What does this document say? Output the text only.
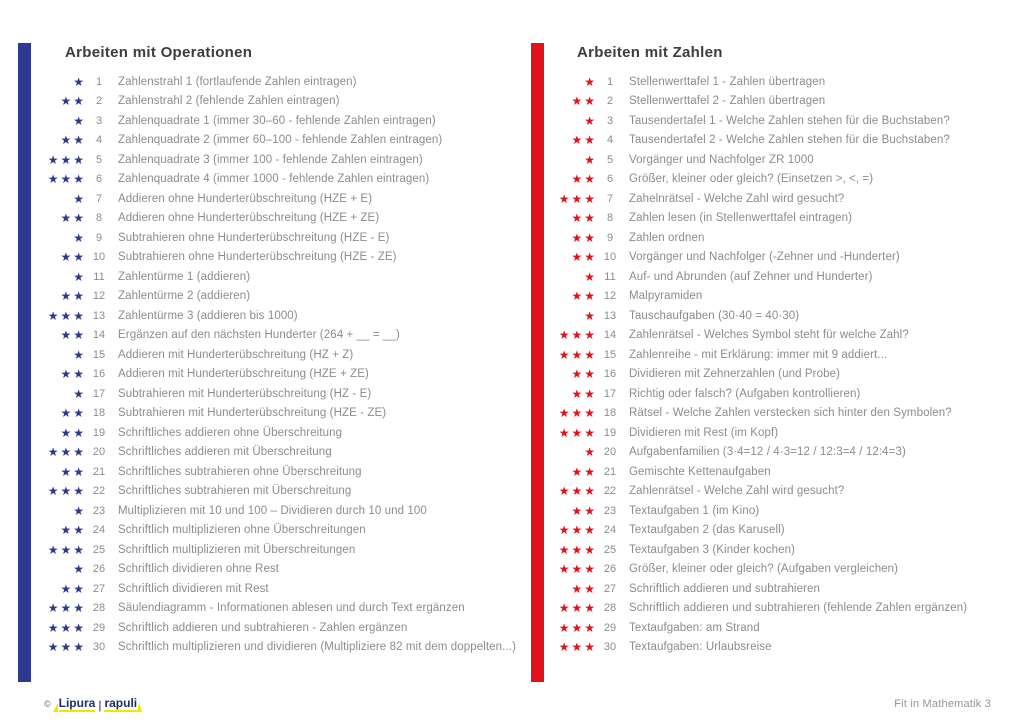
Arbeiten mit Operationen
★ 1	Zahlenstrahl 1 (fortlaufende Zahlen eintragen)
★★ 2	Zahlenstrahl 2 (fehlende Zahlen eintragen)
★ 3	Zahlenquadrate 1 (immer 30–60 - fehlende Zahlen eintragen)
★★ 4	Zahlenquadrate 2 (immer 60–100 - fehlende Zahlen eintragen)
★★★ 5	Zahlenquadrate 3 (immer 100 - fehlende Zahlen eintragen)
★★★ 6	Zahlenquadrate 4 (immer 1000 - fehlende Zahlen eintragen)
★ 7	Addieren ohne Hunderterübschreitung (HZE + E)
★★ 8	Addieren ohne Hunderterübschreitung (HZE + ZE)
★ 9	Subtrahieren ohne Hunderterübschreitung (HZE - E)
★★ 10	Subtrahieren ohne Hunderterübschreitung (HZE - ZE)
★ 11	Zahlentürme 1 (addieren)
★★ 12	Zahlentürme 2 (addieren)
★★★ 13	Zahlentürme 3 (addieren bis 1000)
★★ 14	Ergänzen auf den nächsten Hunderter (264 + __ = __)
★ 15	Addieren mit Hunderterübschreitung (HZ + Z)
★★ 16	Addieren mit Hunderterübschreitung (HZE + ZE)
★ 17	Subtrahieren mit Hunderterübschreitung (HZ - E)
★★ 18	Subtrahieren mit Hunderterübschreitung (HZE - ZE)
★★ 19	Schriftliches addieren ohne Überschreitung
★★★ 20	Schriftliches addieren mit Überschreitung
★★ 21	Schriftliches subtrahieren ohne Überschreitung
★★★ 22	Schriftliches subtrahieren mit Überschreitung
★ 23	Multiplizieren mit 10 und 100 – Dividieren durch 10 und 100
★★ 24	Schriftlich multiplizieren ohne Überschreitungen
★★★ 25	Schriftlich multiplizieren mit Überschreitungen
★ 26	Schriftlich dividieren ohne Rest
★★ 27	Schriftlich dividieren mit Rest
★★★ 28	Säulendiagramm - Informationen ablesen und durch Text ergänzen
★★★ 29	Schriftlich addieren und subtrahieren - Zahlen ergänzen
★★★ 30	Schriftlich multiplizieren und dividieren (Multipliziere 82 mit dem doppelten...)
Arbeiten mit Zahlen
★ 1	Stellenwerttafel 1 - Zahlen übertragen
★★ 2	Stellenwerttafel 2 - Zahlen übertragen
★ 3	Tausendertafel 1 - Welche Zahlen stehen für die Buchstaben?
★★ 4	Tausendertafel 2 - Welche Zahlen stehen für die Buchstaben?
★ 5	Vorgänger und Nachfolger ZR 1000
★★ 6	Größer, kleiner oder gleich? (Einsetzen >, <, =)
★★★ 7	Zahelnrätsel - Welche Zahl wird gesucht?
★★ 8	Zahlen lesen (in Stellenwerttafel eintragen)
★★ 9	Zahlen ordnen
★★ 10	Vorgänger und Nachfolger (-Zehner und -Hunderter)
★ 11	Auf- und Abrunden (auf Zehner und Hunderter)
★★ 12	Malpyramiden
★ 13	Tauschaufgaben (30·40 = 40·30)
★★★ 14	Zahlenrätsel - Welches Symbol steht für welche Zahl?
★★★ 15	Zahlenreihe - mit Erklärung: immer mit 9 addiert...
★★ 16	Dividieren mit Zehnerzahlen (und Probe)
★★ 17	Richtig oder falsch? (Aufgaben kontrollieren)
★★★ 18	Rätsel - Welche Zahlen verstecken sich hinter den Symbolen?
★★★ 19	Dividieren mit Rest (im Kopf)
★ 20	Aufgabenfamilien (3·4=12 / 4·3=12 / 12:3=4 / 12:4=3)
★★ 21	Gemischte Kettenaufgaben
★★★ 22	Zahlenrätsel - Welche Zahl wird gesucht?
★★ 23	Textaufgaben 1 (im Kino)
★★★ 24	Textaufgaben 2 (das Karusell)
★★★ 25	Textaufgaben 3 (Kinder kochen)
★★★ 26	Größer, kleiner oder gleich? (Aufgaben vergleichen)
★★ 27	Schriftlich addieren und subtrahieren
★★★ 28	Schriftlich addieren und subtrahieren (fehlende Zahlen ergänzen)
★★★ 29	Textaufgaben: am Strand
★★★ 30	Textaufgaben: Urlaubsreise
© Lipura | rapuli	Fit in Mathematik 3
